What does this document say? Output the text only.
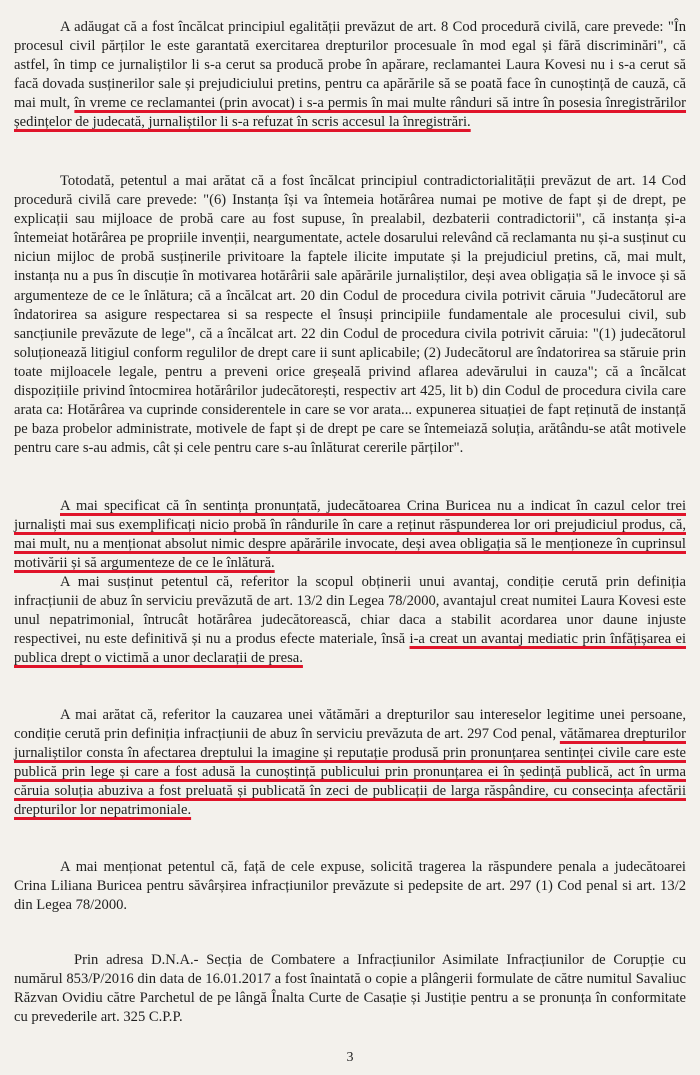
A adăugat că a fost încălcat principiul egalității prevăzut de art. 8 Cod procedură civilă, care prevede: "În procesul civil părților le este garantată exercitarea drepturilor procesuale în mod egal și fără discriminări", că astfel, în timp ce jurnaliștilor li s-a cerut sa producă probe în apărare, reclamantei Laura Kovesi nu i s-a cerut să facă dovada susținerilor sale și prejudiciului pretins, pentru ca apărările să se poată face în cunoștință de cauză, că mai mult, în vreme ce reclamantei (prin avocat) i s-a permis în mai multe rânduri să intre în posesia înregistrărilor ședințelor de judecată, jurnaliștilor li s-a refuzat în scris accesul la înregistrări.

Totodată, petentul a mai arătat că a fost încălcat principiul contradictorialității prevăzut de art. 14 Cod procedură civilă care prevede: "(6) Instanța își va întemeia hotărârea numai pe motive de fapt și de drept, pe explicații sau mijloace de probă care au fost supuse, în prealabil, dezbaterii contradictorii", că instanța și-a întemeiat hotărârea pe propriile invenții, neargumentate, actele dosarului relevând că reclamanta nu și-a susținut cu niciun mijloc de probă susținerile privitoare la faptele ilicite imputate și la prejudiciul pretins, că, mai mult, instanța nu a pus în discuție în motivarea hotărârii sale apărările jurnaliștilor, deși avea obligația să le invoce și să argumenteze de ce le înlătura; că a încălcat art. 20 din Codul de procedura civila potrivit căruia "Judecătorul are îndatorirea sa asigure respectarea si sa respecte el însuși principiile fundamentale ale procesului civil, sub sancțiunile prevăzute de lege", că a încălcat art. 22 din Codul de procedura civila potrivit căruia: "(1) judecătorul soluționează litigiul conform regulilor de drept care ii sunt aplicabile; (2) Judecătorul are îndatorirea sa stăruie prin toate mijloacele legale, pentru a preveni orice greșeală privind aflarea adevărului in cauza"; că a încălcat dispozițiile privind întocmirea hotărârilor judecătorești, respectiv art 425, lit b) din Codul de procedura civila care arata ca: Hotărârea va cuprinde considerentele in care se vor arata... expunerea situației de fapt reținută de instanță pe baza probelor administrate, motivele de fapt și de drept pe care se întemeiază soluția, arătându-se atât motivele pentru care s-au admis, cât și cele pentru care s-au înlăturat cererile părților".

A mai specificat că în sentința pronunțată, judecătoarea Crina Buricea nu a indicat în cazul celor trei jurnaliști mai sus exemplificați nicio probă în rândurile în care a reținut răspunderea lor ori prejudiciul produs, că, mai mult, nu a menționat absolut nimic despre apărările invocate, deși avea obligația să le menționeze în cuprinsul motivării și să argumenteze de ce le înlătură.

A mai susținut petentul că, referitor la scopul obținerii unui avantaj, condiție cerută prin definiția infracțiunii de abuz în serviciu prevăzută de art. 13/2 din Legea 78/2000, avantajul creat numitei Laura Kovesi este unul nepatrimonial, întrucât hotărârea judecătorească, chiar daca a stabilit acordarea unor daune injuste respectivei, nu este definitivă și nu a produs efecte materiale, însă i-a creat un avantaj mediatic prin înfățișarea ei publica drept o victimă a unor declarații de presa.

A mai arătat că, referitor la cauzarea unei vătămări a drepturilor sau intereselor legitime unei persoane, condiție cerută prin definiția infracțiunii de abuz în serviciu prevăzuta de art. 297 Cod penal, vătămarea drepturilor jurnaliștilor consta în afectarea dreptului la imagine și reputație produsă prin pronunțarea sentinței civile care este publică prin lege și care a fost adusă la cunoștință publicului prin pronunțarea ei în ședință publică, act în urma căruia soluția abuziva a fost preluată și publicată în zeci de publicații de larga răspândire, cu consecința afectării drepturilor lor nepatrimoniale.

A mai menționat petentul că, față de cele expuse, solicită tragerea la răspundere penala a judecătoarei Crina Liliana Buricea pentru săvârșirea infracțiunilor prevăzute si pedepsite de art. 297 (1) Cod penal si art. 13/2 din Legea 78/2000.

Prin adresa D.N.A.- Secția de Combatere a Infracțiunilor Asimilate Infracțiunilor de Corupție cu numărul 853/P/2016 din data de 16.01.2017 a fost înaintată o copie a plângerii formulate de către numitul Savaliuc Răzvan Ovidiu către Parchetul de pe lângă Înalta Curte de Casație și Justiție pentru a se pronunța în conformitate cu prevederile art. 325 C.P.P.

3
